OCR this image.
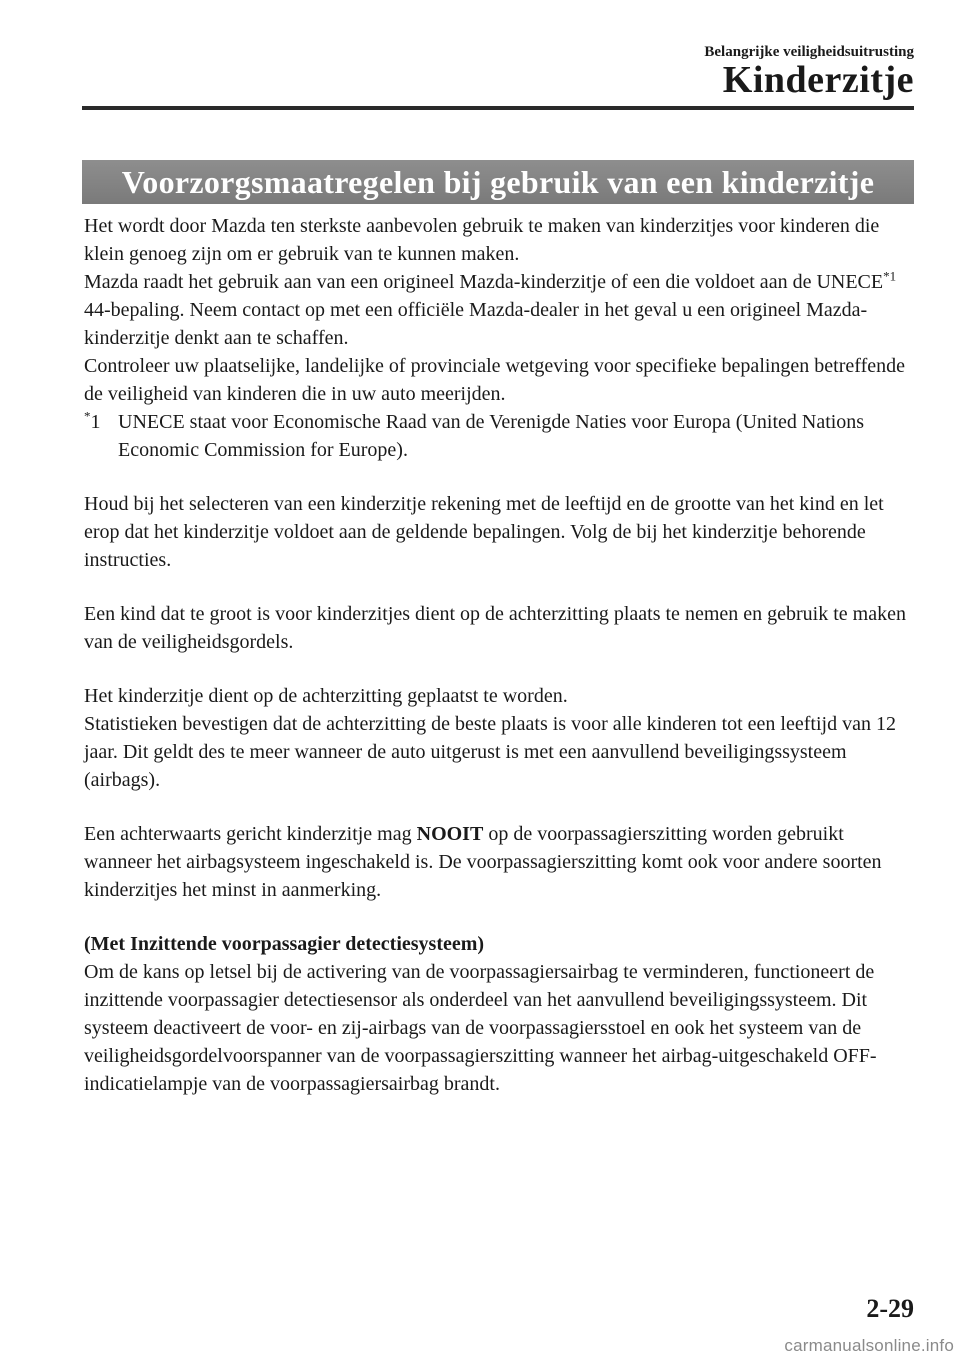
Belangrijke veiligheidsuitrusting
Kinderzitje
Voorzorgsmaatregelen bij gebruik van een kinderzitje

Het wordt door Mazda ten sterkste aanbevolen gebruik te maken van kinderzitjes voor kinderen die klein genoeg zijn om er gebruik van te kunnen maken.

Mazda raadt het gebruik aan van een origineel Mazda-kinderzitje of een die voldoet aan de UNECE$^{*1}$ 44-bepaling. Neem contact op met een officiële Mazda-dealer in het geval u een origineel Mazda-kinderzitje denkt aan te schaffen.

Controleer uw plaatselijke, landelijke of provinciale wetgeving voor specifieke bepalingen betreffende de veiligheid van kinderen die in uw auto meerijden.

*1 UNECE staat voor Economische Raad van de Verenigde Naties voor Europa (United Nations Economic Commission for Europe).

Houd bij het selecteren van een kinderzitje rekening met de leeftijd en de grootte van het kind en let erop dat het kinderzitje voldoet aan de geldende bepalingen. Volg de bij het kinderzitje behorende instructies.

Een kind dat te groot is voor kinderzitjes dient op de achterzitting plaats te nemen en gebruik te maken van de veiligheidsgordels.

Het kinderzitje dient op de achterzitting geplaatst te worden.

Statistieken bevestigen dat de achterzitting de beste plaats is voor alle kinderen tot een leeftijd van 12 jaar. Dit geldt des te meer wanneer de auto uitgerust is met een aanvullend beveiligingssysteem (airbags).

Een achterwaarts gericht kinderzitje mag NOOIT op de voorpassagierszitting worden gebruikt wanneer het airbagsysteem ingeschakeld is. De voorpassagierszitting komt ook voor andere soorten kinderzitjes het minst in aanmerking.

(Met Inzittende voorpassagier detectiesysteem)

Om de kans op letsel bij de activering van de voorpassagiersairbag te verminderen, functioneert de inzittende voorpassagier detectiesensor als onderdeel van het aanvullend beveiligingssysteem. Dit systeem deactiveert de voor- en zij-airbags van de voorpassagiersstoel en ook het systeem van de veiligheidsgordelvoorspanner van de voorpassagierszitting wanneer het airbag-uitgeschakeld OFF-indicatielampje van de voorpassagiersairbag brandt.

2-29
carmanualsonline.info
